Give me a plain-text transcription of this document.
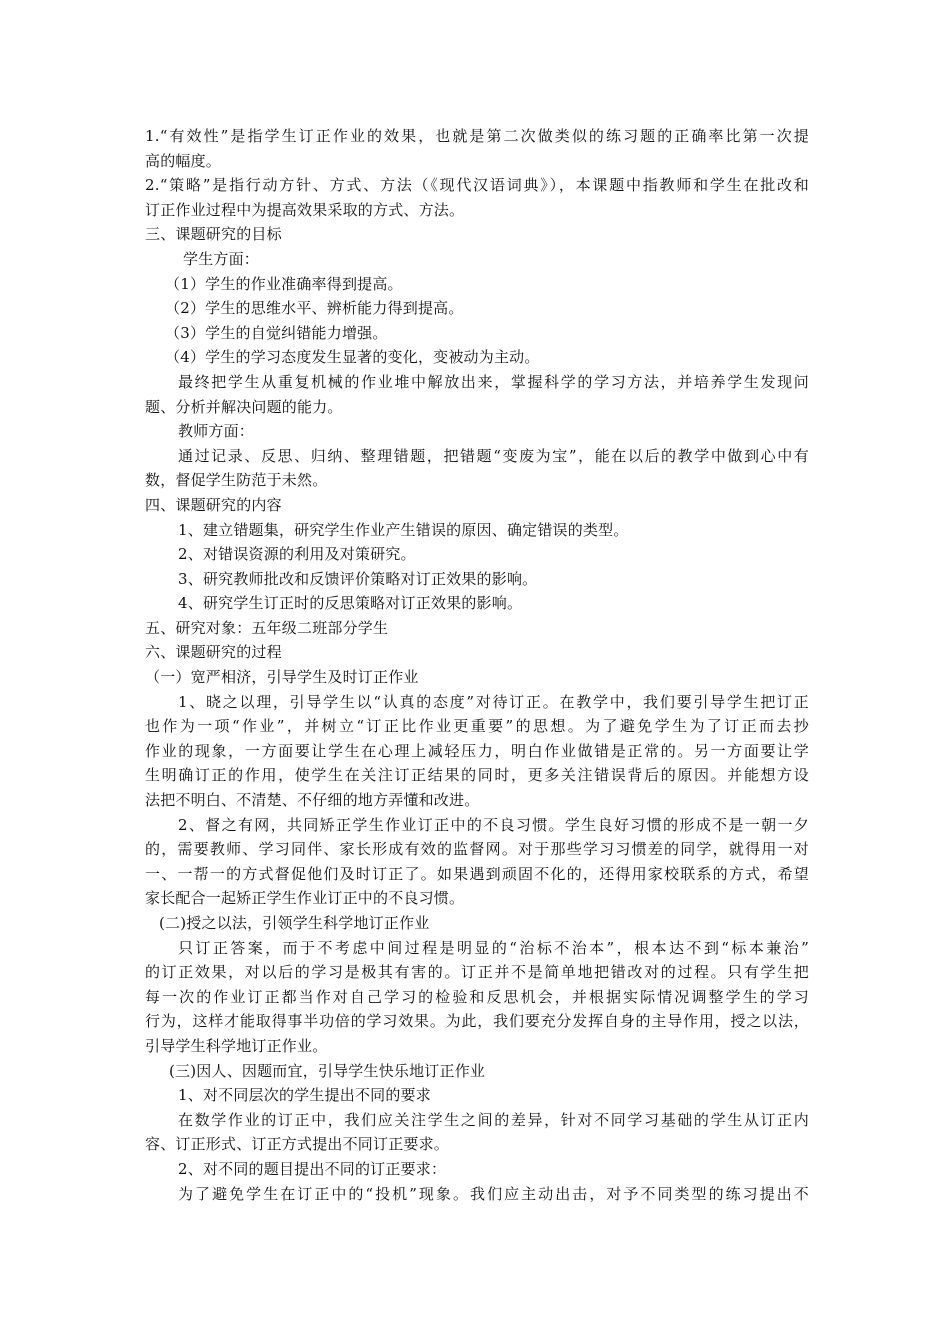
1.“有效性”是指学生订正作业的效果，也就是第二次做类似的练习题的正确率比第一次提
高的幅度。
2.“策略”是指行动方针、方式、方法（《现代汉语词典》），本课题中指教师和学生在批改和
订正作业过程中为提高效果采取的方式、方法。
三、课题研究的目标
学生方面：
（1）学生的作业准确率得到提高。
（2）学生的思维水平、辨析能力得到提高。
（3）学生的自觉纠错能力增强。
（4）学生的学习态度发生显著的变化，变被动为主动。
最终把学生从重复机械的作业堆中解放出来，掌握科学的学习方法，并培养学生发现问
题、分析并解决问题的能力。
教师方面：
通过记录、反思、归纳、整理错题，把错题“变废为宝”，能在以后的教学中做到心中有
数，督促学生防范于未然。
四、课题研究的内容
1、建立错题集，研究学生作业产生错误的原因、确定错误的类型。
2、对错误资源的利用及对策研究。
3、研究教师批改和反馈评价策略对订正效果的影响。
4、研究学生订正时的反思策略对订正效果的影响。
五、研究对象：五年级二班部分学生
六、课题研究的过程
（一）宽严相济，引导学生及时订正作业
1、晓之以理，引导学生以“认真的态度”对待订正。在教学中，我们要引导学生把订正
也作为一项“作业”，并树立“订正比作业更重要”的思想。为了避免学生为了订正而去抄
作业的现象，一方面要让学生在心理上减轻压力，明白作业做错是正常的。另一方面要让学
生明确订正的作用，使学生在关注订正结果的同时，更多关注错误背后的原因。并能想方设
法把不明白、不清楚、不仔细的地方弄懂和改进。
2、督之有网，共同矫正学生作业订正中的不良习惯。学生良好习惯的形成不是一朝一夕
的，需要教师、学习同伴、家长形成有效的监督网。对于那些学习习惯差的同学，就得用一对
一、一帮一的方式督促他们及时订正了。如果遇到顽固不化的，还得用家校联系的方式，希望
家长配合一起矫正学生作业订正中的不良习惯。
(二)授之以法，引领学生科学地订正作业
只订正答案，而于不考虑中间过程是明显的“治标不治本”，根本达不到“标本兼治”
的订正效果，对以后的学习是极其有害的。订正并不是简单地把错改对的过程。只有学生把
每一次的作业订正都当作对自己学习的检验和反思机会，并根据实际情况调整学生的学习
行为，这样才能取得事半功倍的学习效果。为此，我们要充分发挥自身的主导作用，授之以法，
引导学生科学地订正作业。
(三)因人、因题而宜，引导学生快乐地订正作业
1、对不同层次的学生提出不同的要求
在数学作业的订正中，我们应关注学生之间的差异，针对不同学习基础的学生从订正内
容、订正形式、订正方式提出不同订正要求。
2、对不同的题目提出不同的订正要求：
为了避免学生在订正中的“投机”现象。我们应主动出击，对予不同类型的练习提出不
